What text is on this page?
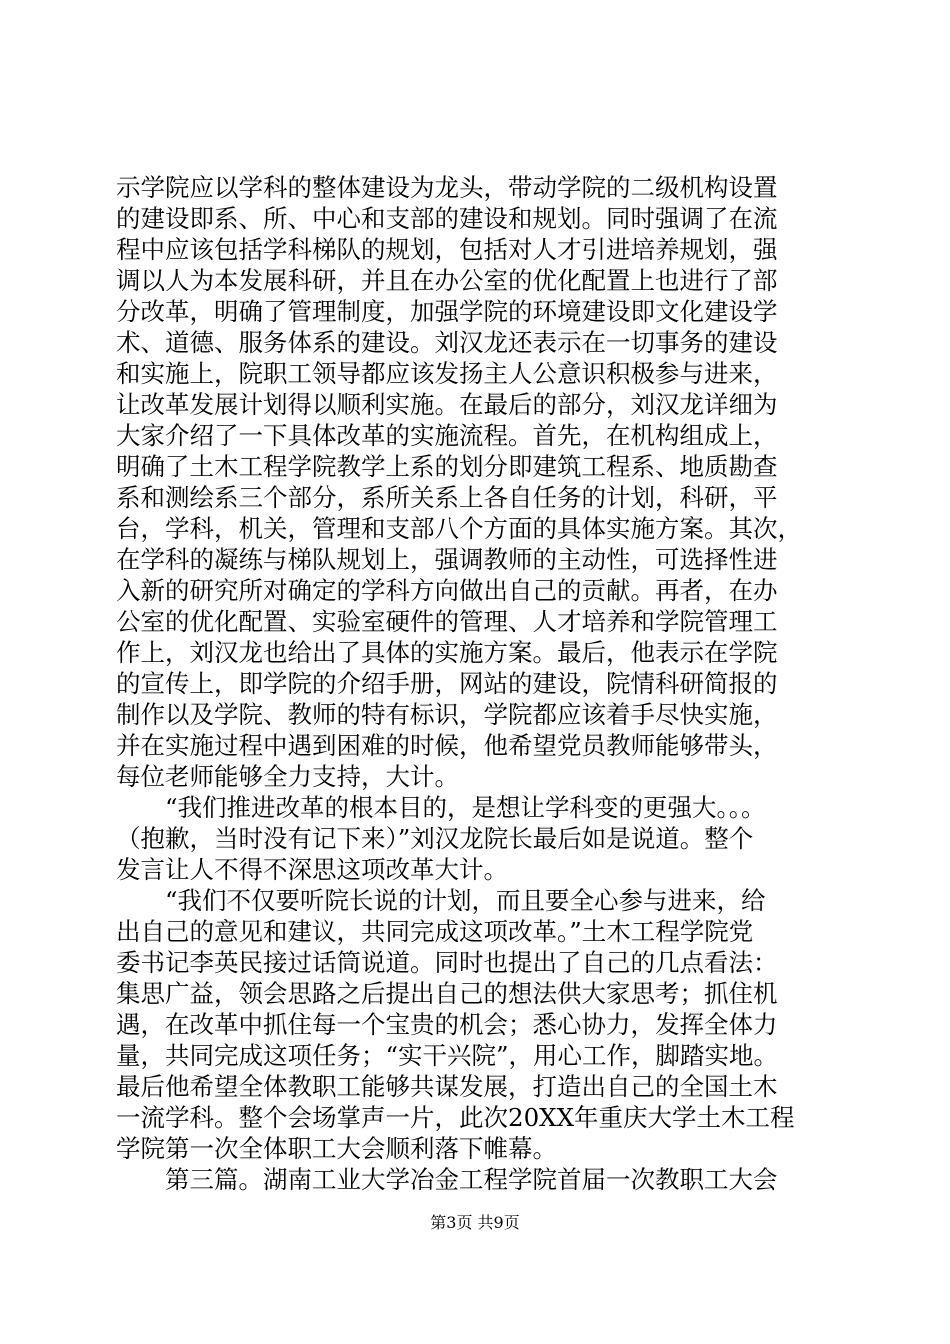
示学院应以学科的整体建设为龙头，带动学院的二级机构设置
的建设即系、所、中心和支部的建设和规划。同时强调了在流
程中应该包括学科梯队的规划，包括对人才引进培养规划，强
调以人为本发展科研，并且在办公室的优化配置上也进行了部
分改革，明确了管理制度，加强学院的环境建设即文化建设学
术、道德、服务体系的建设。刘汉龙还表示在一切事务的建设
和实施上，院职工领导都应该发扬主人公意识积极参与进来，
让改革发展计划得以顺利实施。在最后的部分，刘汉龙详细为
大家介绍了一下具体改革的实施流程。首先，在机构组成上，
明确了土木工程学院教学上系的划分即建筑工程系、地质勘查
系和测绘系三个部分，系所关系上各自任务的计划，科研，平
台，学科，机关，管理和支部八个方面的具体实施方案。其次，
在学科的凝练与梯队规划上，强调教师的主动性，可选择性进
入新的研究所对确定的学科方向做出自己的贡献。再者，在办
公室的优化配置、实验室硬件的管理、人才培养和学院管理工
作上，刘汉龙也给出了具体的实施方案。最后，他表示在学院
的宣传上，即学院的介绍手册，网站的建设，院情科研简报的
制作以及学院、教师的特有标识，学院都应该着手尽快实施，
并在实施过程中遇到困难的时候，他希望党员教师能够带头，
每位老师能够全力支持，大计。
　　“我们推进改革的根本目的，是想让学科变的更强大。。。
（抱歉，当时没有记下来）”刘汉龙院长最后如是说道。整个
发言让人不得不深思这项改革大计。
　　“我们不仅要听院长说的计划，而且要全心参与进来，给
出自己的意见和建议，共同完成这项改革。”土木工程学院党
委书记李英民接过话筒说道。同时也提出了自己的几点看法：
集思广益，领会思路之后提出自己的想法供大家思考；抓住机
遇，在改革中抓住每一个宝贵的机会；悉心协力，发挥全体力
量，共同完成这项任务；“实干兴院”，用心工作，脚踏实地。
最后他希望全体教职工能够共谋发展，打造出自己的全国土木
一流学科。整个会场掌声一片，此次20XX年重庆大学土木工程
学院第一次全体职工大会顺利落下帷幕。
　　第三篇。湖南工业大学冶金工程学院首届一次教职工大会
第3页 共9页
